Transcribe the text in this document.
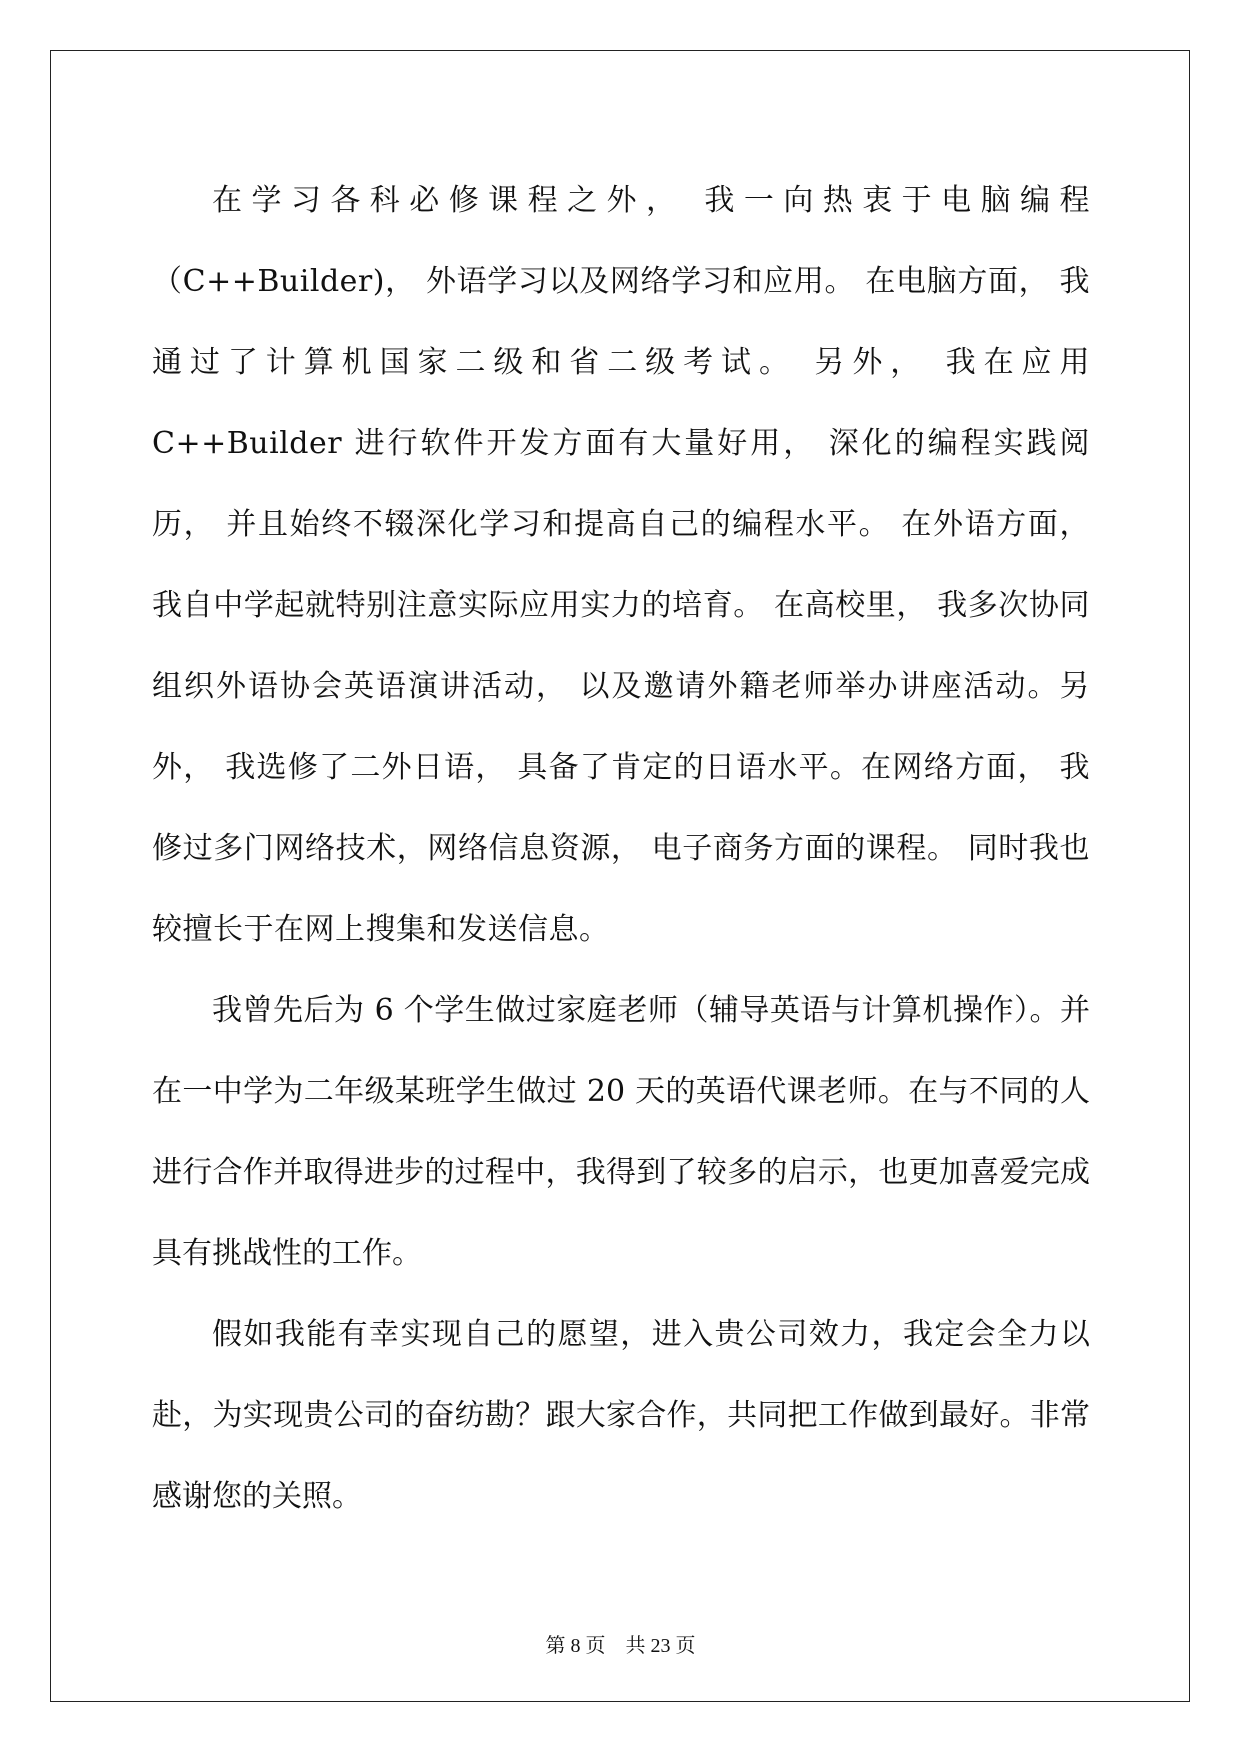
在学习各科必修课程之外， 我一向热衷于电脑编程（C++Builder)， 外语学习以及网络学习和应用。 在电脑方面， 我通过了计算机国家二级和省二级考试。 另外， 我在应用 C++Builder 进行软件开发方面有大量好用， 深化的编程实践阅历， 并且始终不辍深化学习和提高自己的编程水平。 在外语方面， 我自中学起就特别注意实际应用实力的培育。 在高校里， 我多次协同组织外语协会英语演讲活动， 以及邀请外籍老师举办讲座活动。另外， 我选修了二外日语， 具备了肯定的日语水平。在网络方面， 我修过多门网络技术，网络信息资源， 电子商务方面的课程。 同时我也较擅长于在网上搜集和发送信息。

我曾先后为 6 个学生做过家庭老师（辅导英语与计算机操作）。并在一中学为二年级某班学生做过 20 天的英语代课老师。在与不同的人进行合作并取得进步的过程中，我得到了较多的启示，也更加喜爱完成具有挑战性的工作。

假如我能有幸实现自己的愿望，进入贵公司效力，我定会全力以赴，为实现贵公司的奋纺勘？跟大家合作，共同把工作做到最好。非常感谢您的关照。

第 8 页 共 23 页
